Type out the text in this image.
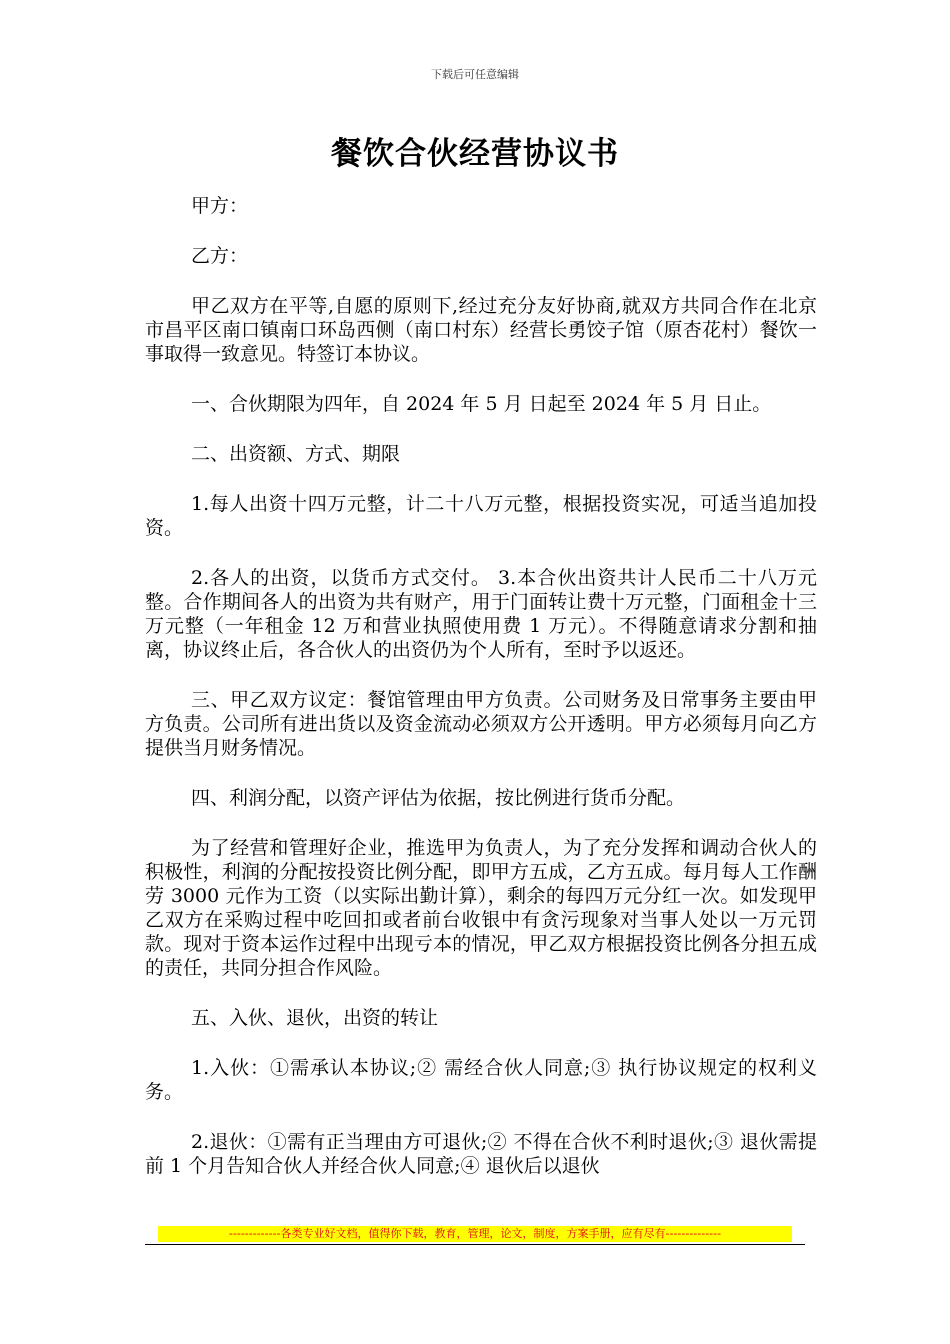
下载后可任意编辑
餐饮合伙经营协议书

甲方：

乙方：

甲乙双方在平等,自愿的原则下,经过充分友好协商,就双方共同合作在北京市昌平区南口镇南口环岛西侧（南口村东）经营长勇饺子馆（原杏花村）餐饮一事取得一致意见。特签订本协议。

一、合伙期限为四年，自 2024 年 5 月 日起至 2024 年 5 月 日止。

二、出资额、方式、期限

1.每人出资十四万元整，计二十八万元整，根据投资实况，可适当追加投资。

2.各人的出资，以货币方式交付。 3.本合伙出资共计人民币二十八万元整。合作期间各人的出资为共有财产，用于门面转让费十万元整，门面租金十三万元整（一年租金 12 万和营业执照使用费 1 万元）。不得随意请求分割和抽离，协议终止后，各合伙人的出资仍为个人所有，至时予以返还。

三、甲乙双方议定：餐馆管理由甲方负责。公司财务及日常事务主要由甲方负责。公司所有进出货以及资金流动必须双方公开透明。甲方必须每月向乙方提供当月财务情况。

四、利润分配，以资产评估为依据，按比例进行货币分配。

为了经营和管理好企业，推选甲为负责人，为了充分发挥和调动合伙人的积极性，利润的分配按投资比例分配，即甲方五成，乙方五成。每月每人工作酬劳 3000 元作为工资（以实际出勤计算），剩余的每四万元分红一次。如发现甲乙双方在采购过程中吃回扣或者前台收银中有贪污现象对当事人处以一万元罚款。现对于资本运作过程中出现亏本的情况，甲乙双方根据投资比例各分担五成的责任，共同分担合作风险。

五、入伙、退伙，出资的转让

1.入伙：①需承认本协议;② 需经合伙人同意;③ 执行协议规定的权利义务。

2.退伙：①需有正当理由方可退伙;② 不得在合伙不利时退伙;③ 退伙需提前 1 个月告知合伙人并经合伙人同意;④ 退伙后以退伙

-------------各类专业好文档，值得你下载，教育，管理，论文，制度，方案手册，应有尽有--------------
